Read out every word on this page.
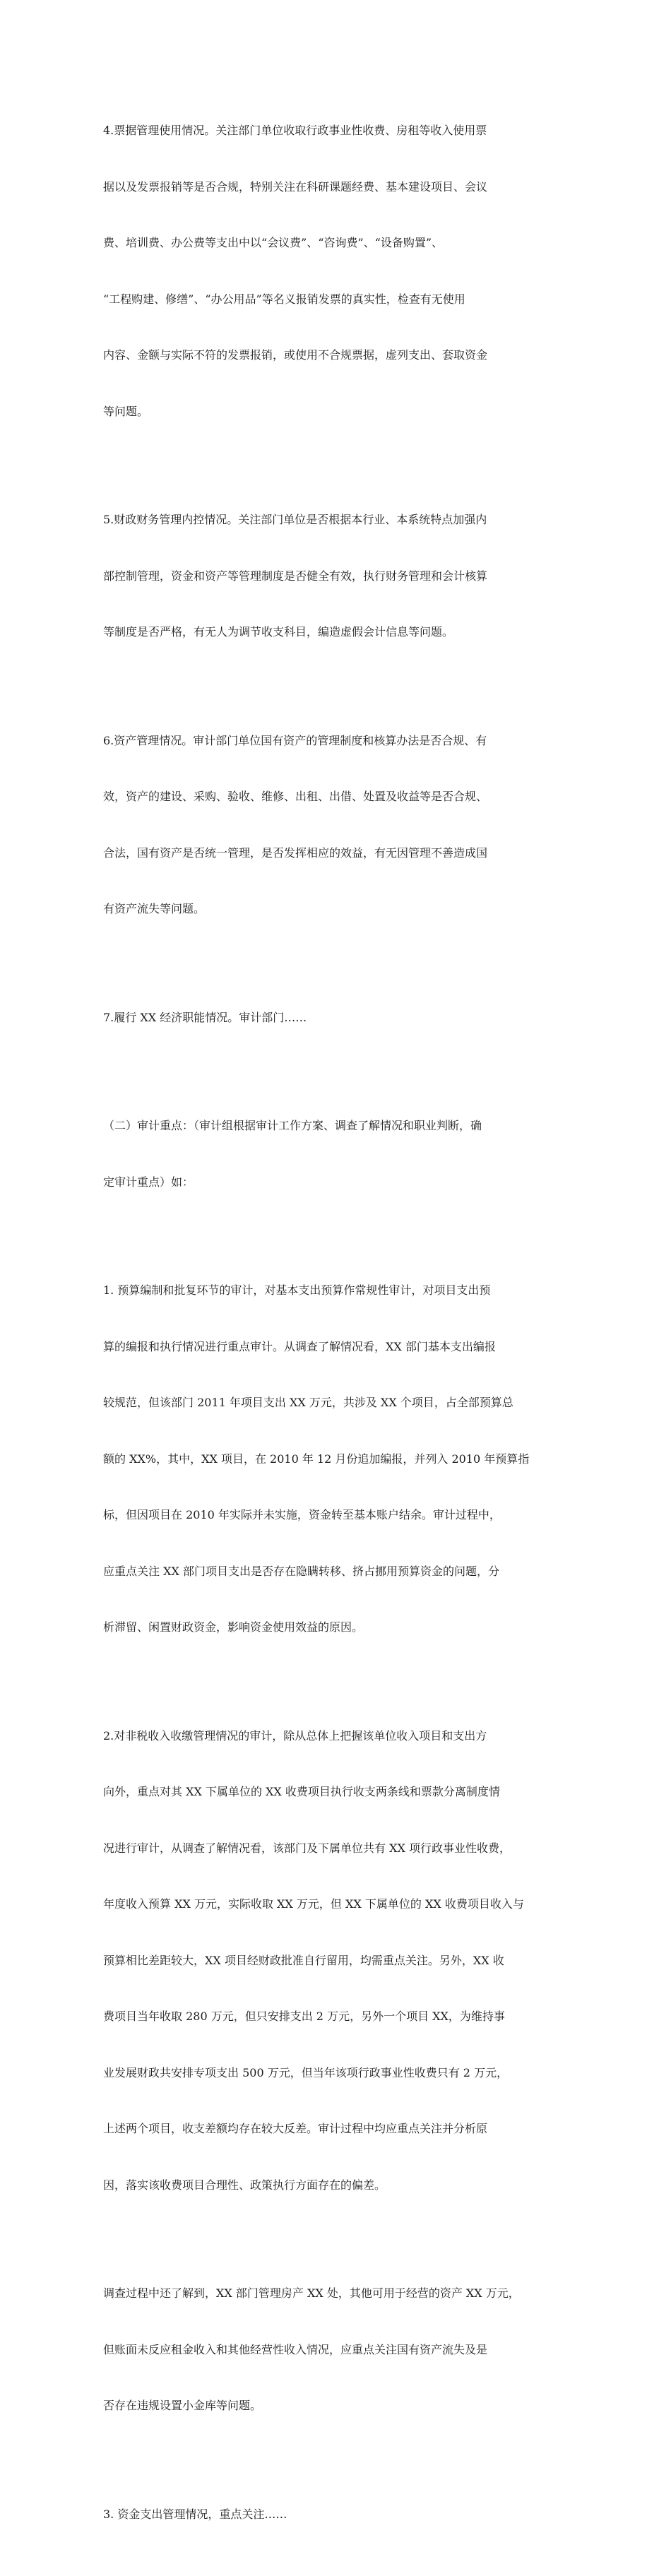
4.票据管理使用情况。关注部门单位收取行政事业性收费、房租等收入使用票

据以及发票报销等是否合规，特别关注在科研课题经费、基本建设项目、会议

费、培训费、办公费等支出中以“会议费”、“咨询费”、“设备购置”、

“工程购建、修缮”、“办公用品”等名义报销发票的真实性，检查有无使用

内容、金额与实际不符的发票报销，或使用不合规票据，虚列支出、套取资金

等问题。

5.财政财务管理内控情况。关注部门单位是否根据本行业、本系统特点加强内

部控制管理，资金和资产等管理制度是否健全有效，执行财务管理和会计核算

等制度是否严格，有无人为调节收支科目，编造虚假会计信息等问题。

6.资产管理情况。审计部门单位国有资产的管理制度和核算办法是否合规、有

效，资产的建设、采购、验收、维修、出租、出借、处置及收益等是否合规、

合法，国有资产是否统一管理，是否发挥相应的效益，有无因管理不善造成国

有资产流失等问题。

7.履行 XX 经济职能情况。审计部门……

（二）审计重点：（审计组根据审计工作方案、调查了解情况和职业判断，确

定审计重点）如：

1. 预算编制和批复环节的审计，对基本支出预算作常规性审计，对项目支出预

算的编报和执行情况进行重点审计。从调查了解情况看，XX 部门基本支出编报

较规范，但该部门 2011 年项目支出 XX 万元，共涉及 XX 个项目，占全部预算总

额的 XX%，其中，XX 项目，在 2010 年 12 月份追加编报，并列入 2010 年预算指

标，但因项目在 2010 年实际并未实施，资金转至基本账户结余。审计过程中，

应重点关注 XX 部门项目支出是否存在隐瞒转移、挤占挪用预算资金的问题，分

析滞留、闲置财政资金，影响资金使用效益的原因。

2.对非税收入收缴管理情况的审计，除从总体上把握该单位收入项目和支出方

向外，重点对其 XX 下属单位的 XX 收费项目执行收支两条线和票款分离制度情

况进行审计，从调查了解情况看，该部门及下属单位共有 XX 项行政事业性收费，

年度收入预算 XX 万元，实际收取 XX 万元，但 XX 下属单位的 XX 收费项目收入与

预算相比差距较大，XX 项目经财政批准自行留用，均需重点关注。另外，XX 收

费项目当年收取 280 万元，但只安排支出 2 万元，另外一个项目 XX，为维持事

业发展财政共安排专项支出 500 万元，但当年该项行政事业性收费只有 2 万元，

上述两个项目，收支差额均存在较大反差。审计过程中均应重点关注并分析原

因，落实该收费项目合理性、政策执行方面存在的偏差。

调查过程中还了解到，XX 部门管理房产 XX 处，其他可用于经营的资产 XX 万元，

但账面未反应租金收入和其他经营性收入情况，应重点关注国有资产流失及是

否存在违规设置小金库等问题。

3. 资金支出管理情况，重点关注……
